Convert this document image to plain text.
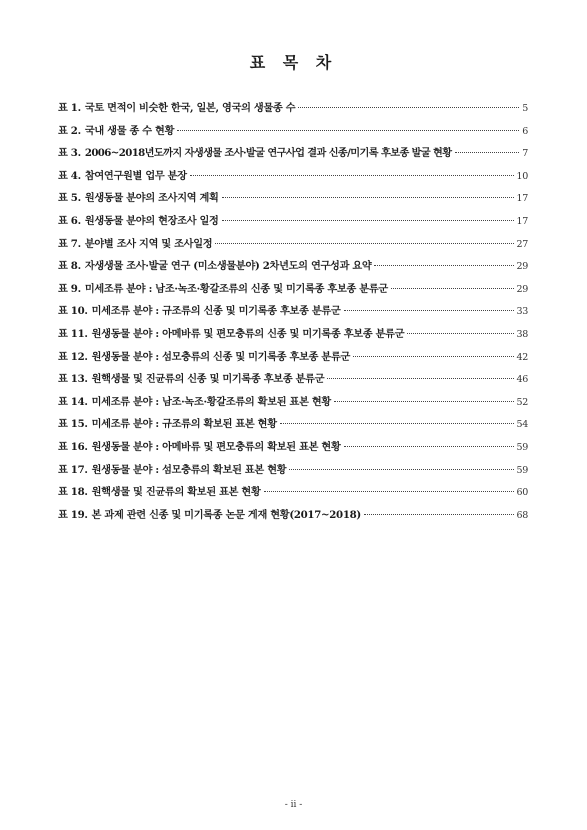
표 목 차
표 1. 국토 면적이 비슷한 한국, 일본, 영국의 생물종 수	5
표 2. 국내 생물 종 수 현황	6
표 3. 2006~2018년도까지 자생생물 조사·발굴 연구사업 결과 신종/미기록 후보종 발굴 현황	7
표 4. 참여연구원별 업무 분장	10
표 5. 원생동물 분야의 조사지역 계획	17
표 6. 원생동물 분야의 현장조사 일정	17
표 7. 분야별 조사 지역 및 조사일정	27
표 8. 자생생물 조사·발굴 연구 (미소생물분야) 2차년도의 연구성과 요약	29
표 9. 미세조류 분야 : 남조·녹조·황갈조류의 신종 및 미기록종 후보종 분류군	29
표 10. 미세조류 분야 : 규조류의 신종 및 미기록종 후보종 분류군	33
표 11. 원생동물 분야 : 아메바류 및 편모충류의 신종 및 미기록종 후보종 분류군	38
표 12. 원생동물 분야 : 섬모충류의 신종 및 미기록종 후보종 분류군	42
표 13. 원핵생물 및 진균류의 신종 및 미기록종 후보종 분류군	46
표 14. 미세조류 분야 : 남조·녹조·황갈조류의 확보된 표본 현황	52
표 15. 미세조류 분야 : 규조류의 확보된 표본 현황	54
표 16. 원생동물 분야 : 아메바류 및 편모충류의 확보된 표본 현황	59
표 17. 원생동물 분야 : 섬모충류의 확보된 표본 현황	59
표 18. 원핵생물 및 진균류의 확보된 표본 현황	60
표 19. 본 과제 관련 신종 및 미기록종 논문 게재 현황(2017~2018)	68
- ii -
